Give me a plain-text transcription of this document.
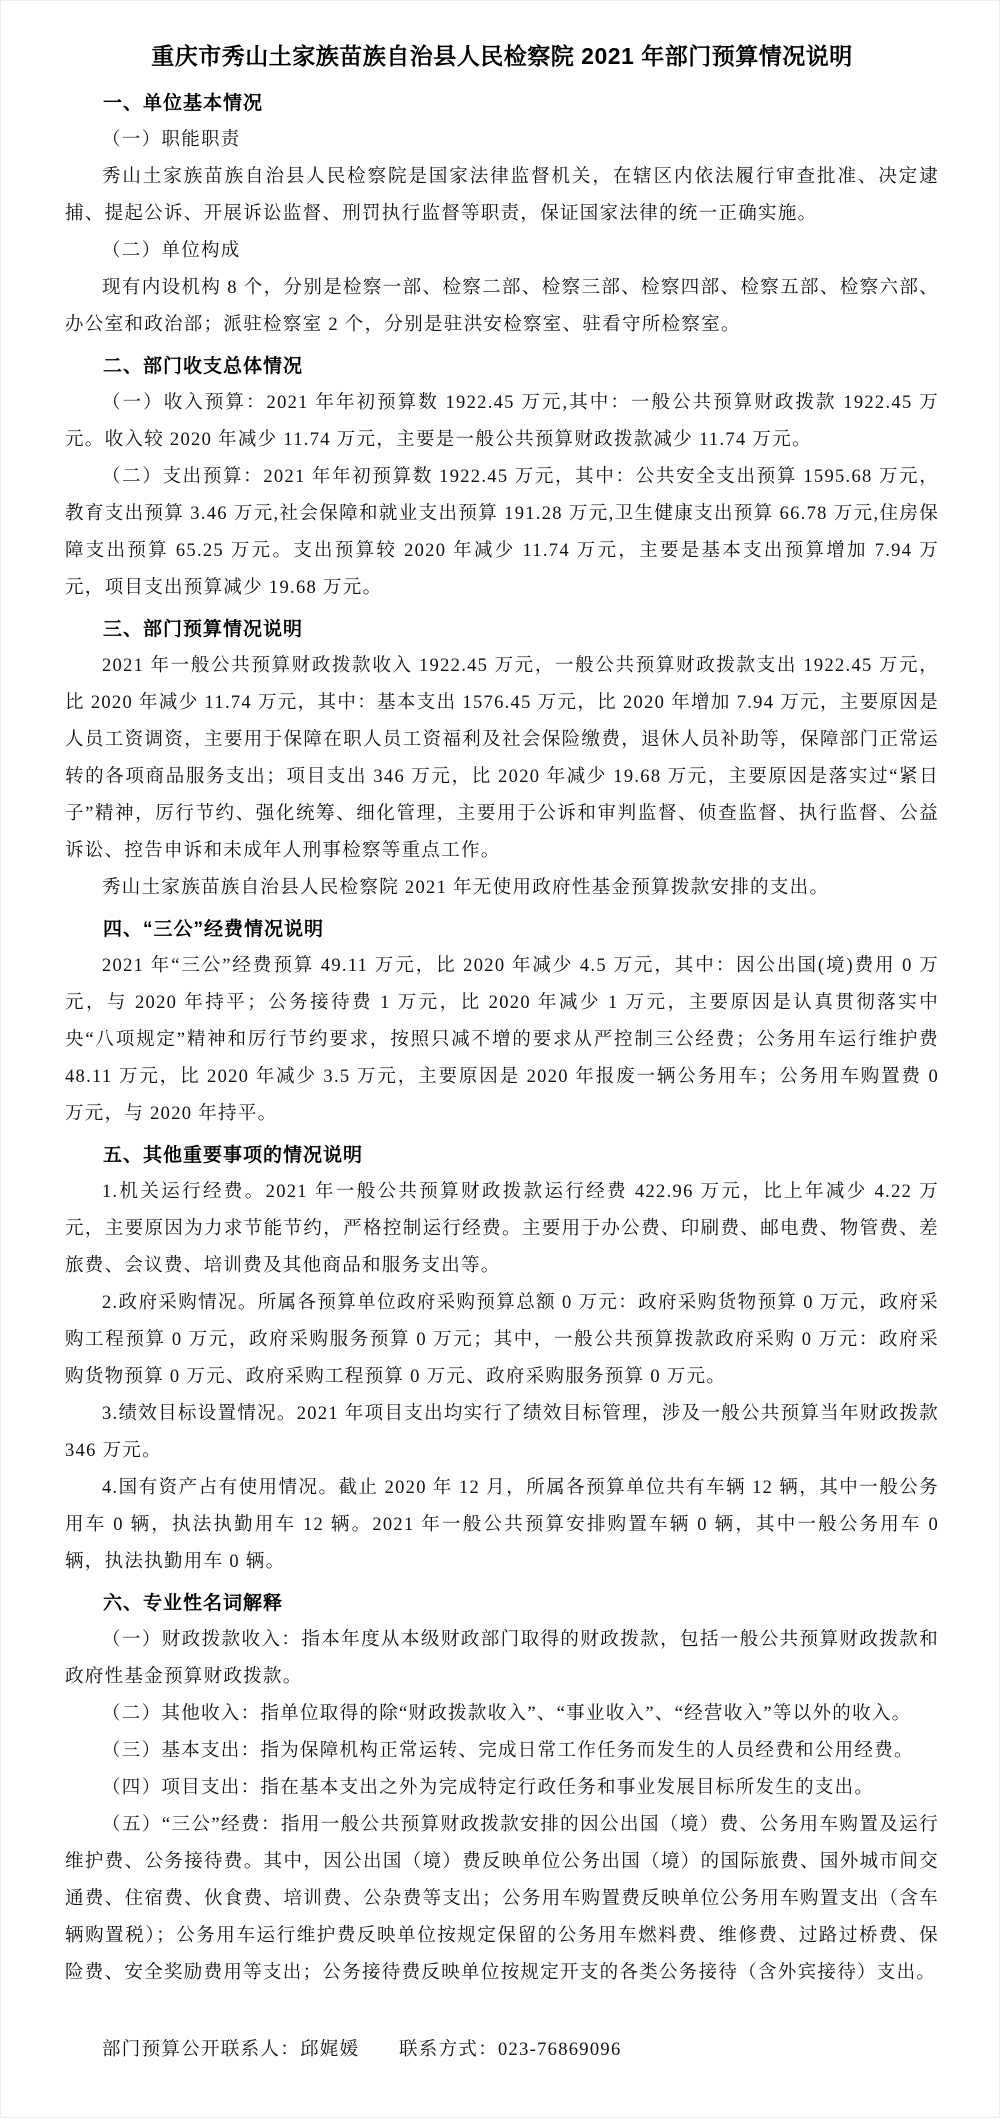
重庆市秀山土家族苗族自治县人民检察院 2021 年部门预算情况说明
一、单位基本情况

（一）职能职责

秀山土家族苗族自治县人民检察院是国家法律监督机关，在辖区内依法履行审查批准、决定逮捕、提起公诉、开展诉讼监督、刑罚执行监督等职责，保证国家法律的统一正确实施。

（二）单位构成

现有内设机构 8 个，分别是检察一部、检察二部、检察三部、检察四部、检察五部、检察六部、办公室和政治部；派驻检察室 2 个，分别是驻洪安检察室、驻看守所检察室。

二、部门收支总体情况

（一）收入预算：2021 年年初预算数 1922.45 万元,其中：一般公共预算财政拨款 1922.45 万元。收入较 2020 年减少 11.74 万元，主要是一般公共预算财政拨款减少 11.74 万元。

（二）支出预算：2021 年年初预算数 1922.45 万元，其中：公共安全支出预算 1595.68 万元，教育支出预算 3.46 万元,社会保障和就业支出预算 191.28 万元,卫生健康支出预算 66.78 万元,住房保障支出预算 65.25 万元。支出预算较 2020 年减少 11.74 万元，主要是基本支出预算增加 7.94 万元，项目支出预算减少 19.68 万元。

三、部门预算情况说明

2021 年一般公共预算财政拨款收入 1922.45 万元，一般公共预算财政拨款支出 1922.45 万元，比 2020 年减少 11.74 万元，其中：基本支出 1576.45 万元，比 2020 年增加 7.94 万元，主要原因是人员工资调资，主要用于保障在职人员工资福利及社会保险缴费，退休人员补助等，保障部门正常运转的各项商品服务支出；项目支出 346 万元，比 2020 年减少 19.68 万元，主要原因是落实过“紧日子”精神，厉行节约、强化统筹、细化管理，主要用于公诉和审判监督、侦查监督、执行监督、公益诉讼、控告申诉和未成年人刑事检察等重点工作。

秀山土家族苗族自治县人民检察院 2021 年无使用政府性基金预算拨款安排的支出。

四、“三公”经费情况说明

2021 年“三公”经费预算 49.11 万元，比 2020 年减少 4.5 万元，其中：因公出国(境)费用 0 万元，与 2020 年持平；公务接待费 1 万元，比 2020 年减少 1 万元，主要原因是认真贯彻落实中央“八项规定”精神和厉行节约要求，按照只减不增的要求从严控制三公经费；公务用车运行维护费 48.11 万元，比 2020 年减少 3.5 万元，主要原因是 2020 年报废一辆公务用车；公务用车购置费 0 万元，与 2020 年持平。

五、其他重要事项的情况说明

1.机关运行经费。2021 年一般公共预算财政拨款运行经费 422.96 万元，比上年减少 4.22 万元，主要原因为力求节能节约，严格控制运行经费。主要用于办公费、印刷费、邮电费、物管费、差旅费、会议费、培训费及其他商品和服务支出等。

2.政府采购情况。所属各预算单位政府采购预算总额 0 万元：政府采购货物预算 0 万元，政府采购工程预算 0 万元，政府采购服务预算 0 万元；其中，一般公共预算拨款政府采购 0 万元：政府采购货物预算 0 万元、政府采购工程预算 0 万元、政府采购服务预算 0 万元。

3.绩效目标设置情况。2021 年项目支出均实行了绩效目标管理，涉及一般公共预算当年财政拨款 346 万元。

4.国有资产占有使用情况。截止 2020 年 12 月，所属各预算单位共有车辆 12 辆，其中一般公务用车 0 辆，执法执勤用车 12 辆。2021 年一般公共预算安排购置车辆 0 辆，其中一般公务用车 0 辆，执法执勤用车 0 辆。

六、专业性名词解释

（一）财政拨款收入：指本年度从本级财政部门取得的财政拨款，包括一般公共预算财政拨款和政府性基金预算财政拨款。

（二）其他收入：指单位取得的除“财政拨款收入”、“事业收入”、“经营收入”等以外的收入。

（三）基本支出：指为保障机构正常运转、完成日常工作任务而发生的人员经费和公用经费。

（四）项目支出：指在基本支出之外为完成特定行政任务和事业发展目标所发生的支出。

（五）“三公”经费：指用一般公共预算财政拨款安排的因公出国（境）费、公务用车购置及运行维护费、公务接待费。其中，因公出国（境）费反映单位公务出国（境）的国际旅费、国外城市间交通费、住宿费、伙食费、培训费、公杂费等支出；公务用车购置费反映单位公务用车购置支出（含车辆购置税）；公务用车运行维护费反映单位按规定保留的公务用车燃料费、维修费、过路过桥费、保险费、安全奖励费用等支出；公务接待费反映单位按规定开支的各类公务接待（含外宾接待）支出。

部门预算公开联系人：邱娓媛　　联系方式：023-76869096
